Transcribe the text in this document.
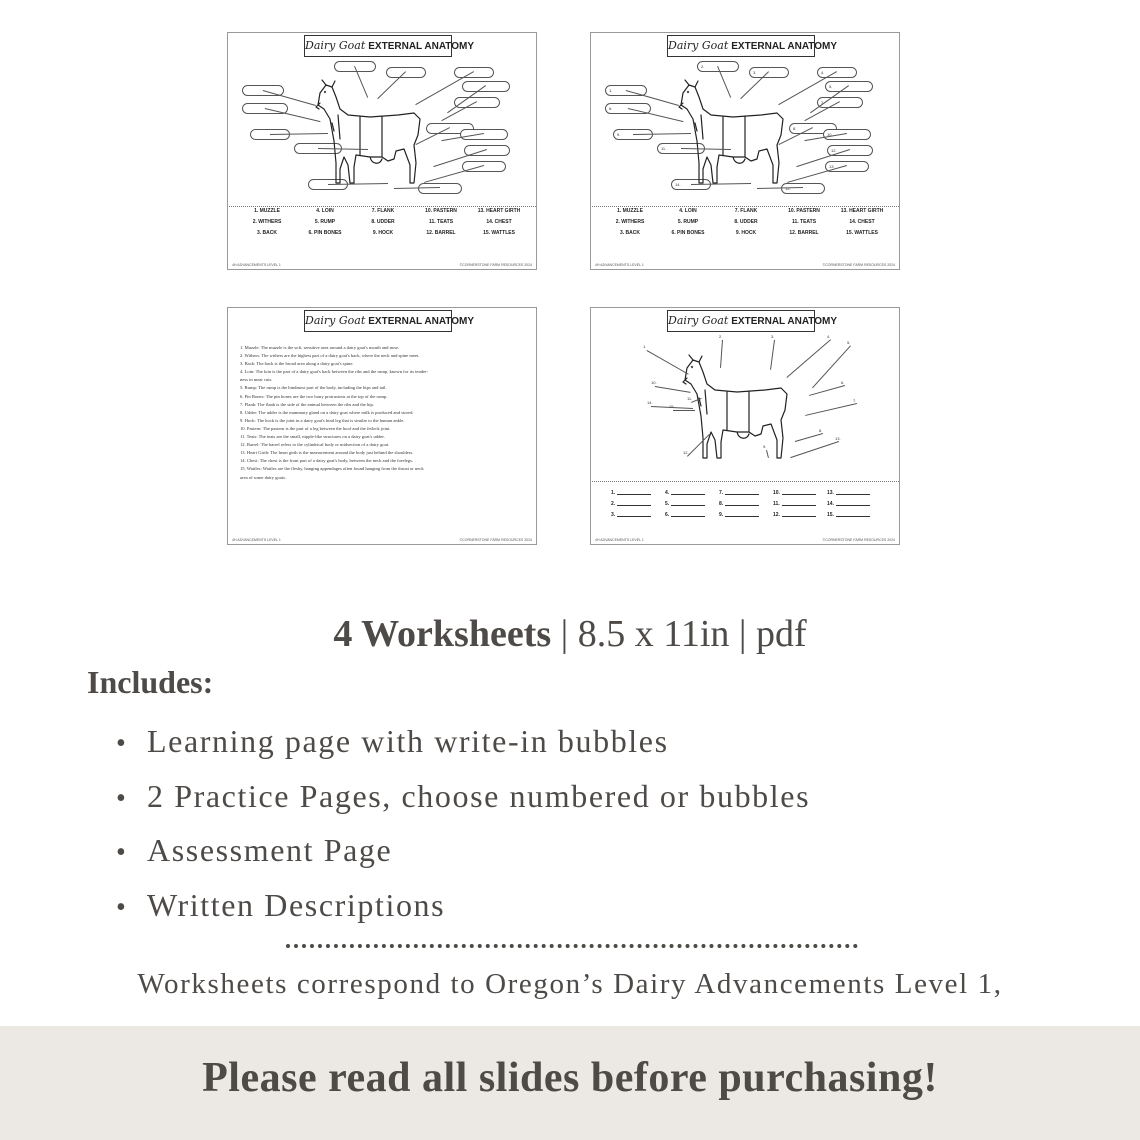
Dairy Goat EXTERNAL ANATOMY
1. MUZZLE	4. LOIN	7. FLANK	10. PASTERN	13. HEART GIRTH
2. WITHERS	5. RUMP	8. UDDER	11. TEATS	14. CHEST
3. BACK	6. PIN BONES	9. HOCK	12. BARREL	15. WATTLES
4H ADVANCEMENTS LEVEL 1	©CORNERSTONE FARM RESOURCES 2024
Dairy Goat EXTERNAL ANATOMY
1.
2.
3.	4.
5.
6.
7.
8.
9.	10.
11.	12.
13.
14.
15.
1. MUZZLE	4. LOIN	7. FLANK	10. PASTERN	13. HEART GIRTH
2. WITHERS	5. RUMP	8. UDDER	11. TEATS	14. CHEST
3. BACK	6. PIN BONES	9. HOCK	12. BARREL	15. WATTLES
4H ADVANCEMENTS LEVEL 1	©CORNERSTONE FARM RESOURCES 2024
Dairy Goat EXTERNAL ANATOMY

1. Muzzle: The muzzle is the soft, sensitive area around a dairy goat's mouth and nose.

2. Withers: The withers are the highest part of a dairy goat's back, where the neck and spine meet.

3. Back: The back is the broad area along a dairy goat's spine.

4. Loin: The loin is the part of a dairy goat's back between the ribs and the rump, known for its tender-

ness in meat cuts.

5. Rump: The rump is the hindmost part of the body, including the hips and tail.

6. Pin Bones: The pin bones are the two bony protrusions at the top of the rump.

7. Flank: The flank is the side of the animal between the ribs and the hip.

8. Udder: The udder is the mammary gland on a dairy goat where milk is produced and stored.

9. Hock: The hock is the joint in a dairy goat's hind leg that is similar to the human ankle.

10. Pastern: The pastern is the part of a leg between the hoof and the fetlock joint.

11. Teats: The teats are the small, nipple-like structures on a dairy goat's udder.

12. Barrel: The barrel refers to the cylindrical body or midsection of a dairy goat.

13. Heart Girth: The heart girth is the measurement around the body just behind the shoulders.

14. Chest: The chest is the front part of a dairy goat's body, between the neck and the forelegs.

15. Wattles: Wattles are the fleshy, hanging appendages often found hanging from the throat or neck

area of some dairy goats.

4H ADVANCEMENTS LEVEL 1	©CORNERSTONE FARM RESOURCES 2024
Dairy Goat EXTERNAL ANATOMY
1.
2.	3.	4.
5.
6.
7.
8.
9.
10.
11.
12.
13.
14.
15.
1.	4.	7.	10.	13.
2.	5.	8.	11.	14.
3.	6.	9.	12.	15.
4H ADVANCEMENTS LEVEL 1	©CORNERSTONE FARM RESOURCES 2024
4 Worksheets | 8.5 x 11in | pdf
Includes:
• Learning page with write-in bubbles
• 2 Practice Pages, choose numbered or bubbles
• Assessment Page
• Written Descriptions
Worksheets correspond to Oregon’s Dairy Advancements Level 1,
Please read all slides before purchasing!
